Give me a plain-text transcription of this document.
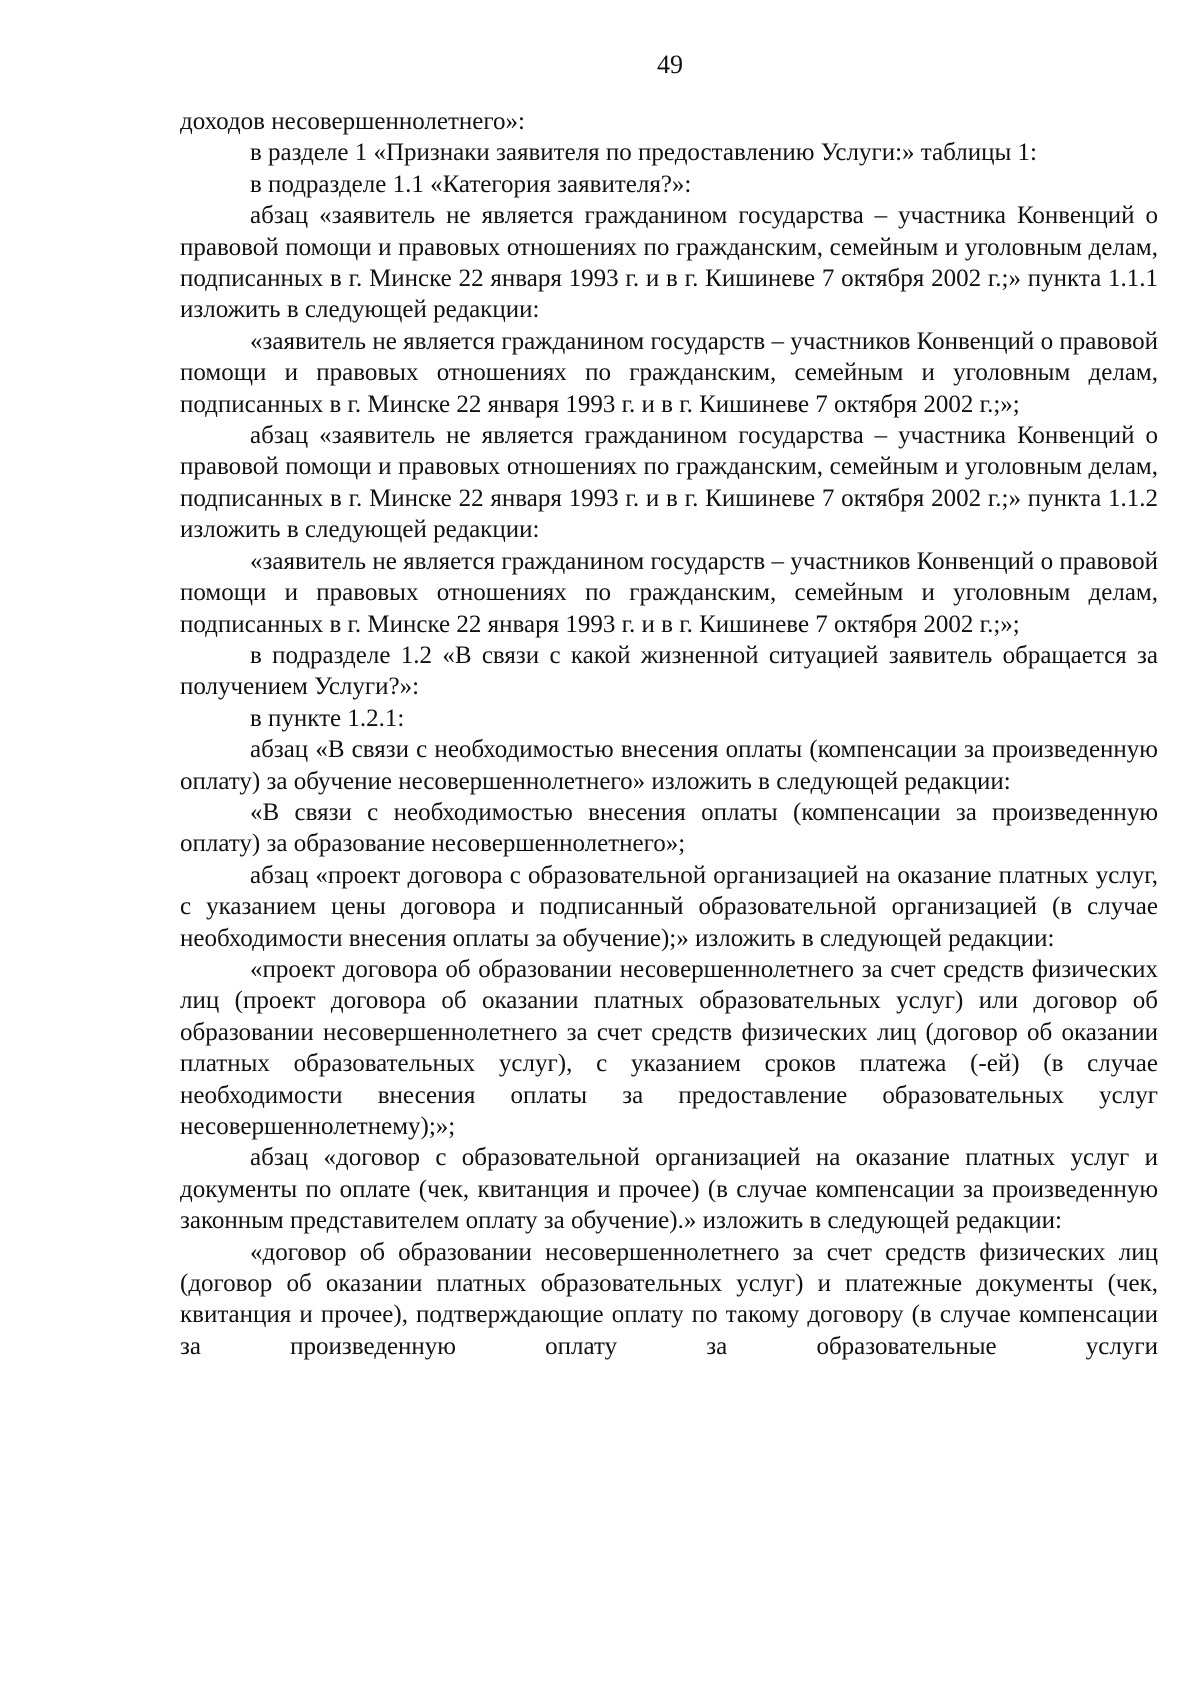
49

доходов несовершеннолетнего»:

в разделе 1 «Признаки заявителя по предоставлению Услуги:» таблицы 1:

в подразделе 1.1 «Категория заявителя?»:

абзац «заявитель не является гражданином государства – участника Конвенций о правовой помощи и правовых отношениях по гражданским, семейным и уголовным делам, подписанных в г. Минске 22 января 1993 г. и в г. Кишиневе 7 октября 2002 г.;» пункта 1.1.1 изложить в следующей редакции:

«заявитель не является гражданином государств – участников Конвенций о правовой помощи и правовых отношениях по гражданским, семейным и уголовным делам, подписанных в г. Минске 22 января 1993 г. и в г. Кишиневе 7 октября 2002 г.;»;

абзац «заявитель не является гражданином государства – участника Конвенций о правовой помощи и правовых отношениях по гражданским, семейным и уголовным делам, подписанных в г. Минске 22 января 1993 г. и в г. Кишиневе 7 октября 2002 г.;» пункта 1.1.2 изложить в следующей редакции:

«заявитель не является гражданином государств – участников Конвенций о правовой помощи и правовых отношениях по гражданским, семейным и уголовным делам, подписанных в г. Минске 22 января 1993 г. и в г. Кишиневе 7 октября 2002 г.;»;

в подразделе 1.2 «В связи с какой жизненной ситуацией заявитель обращается за получением Услуги?»:

в пункте 1.2.1:

абзац «В связи с необходимостью внесения оплаты (компенсации за произведенную оплату) за обучение несовершеннолетнего» изложить в следующей редакции:

«В связи с необходимостью внесения оплаты (компенсации за произведенную оплату) за образование несовершеннолетнего»;

абзац «проект договора с образовательной организацией на оказание платных услуг, с указанием цены договора и подписанный образовательной организацией (в случае необходимости внесения оплаты за обучение);» изложить в следующей редакции:

«проект договора об образовании несовершеннолетнего за счет средств физических лиц (проект договора об оказании платных образовательных услуг) или договор об образовании несовершеннолетнего за счет средств физических лиц (договор об оказании платных образовательных услуг), с указанием сроков платежа (-ей) (в случае необходимости внесения оплаты за предоставление образовательных услуг несовершеннолетнему);»;

абзац «договор с образовательной организацией на оказание платных услуг и документы по оплате (чек, квитанция и прочее) (в случае компенсации за произведенную законным представителем оплату за обучение).» изложить в следующей редакции:

«договор об образовании несовершеннолетнего за счет средств физических лиц (договор об оказании платных образовательных услуг) и платежные документы (чек, квитанция и прочее), подтверждающие оплату по такому договору (в случае компенсации за произведенную оплату за образовательные услуги
